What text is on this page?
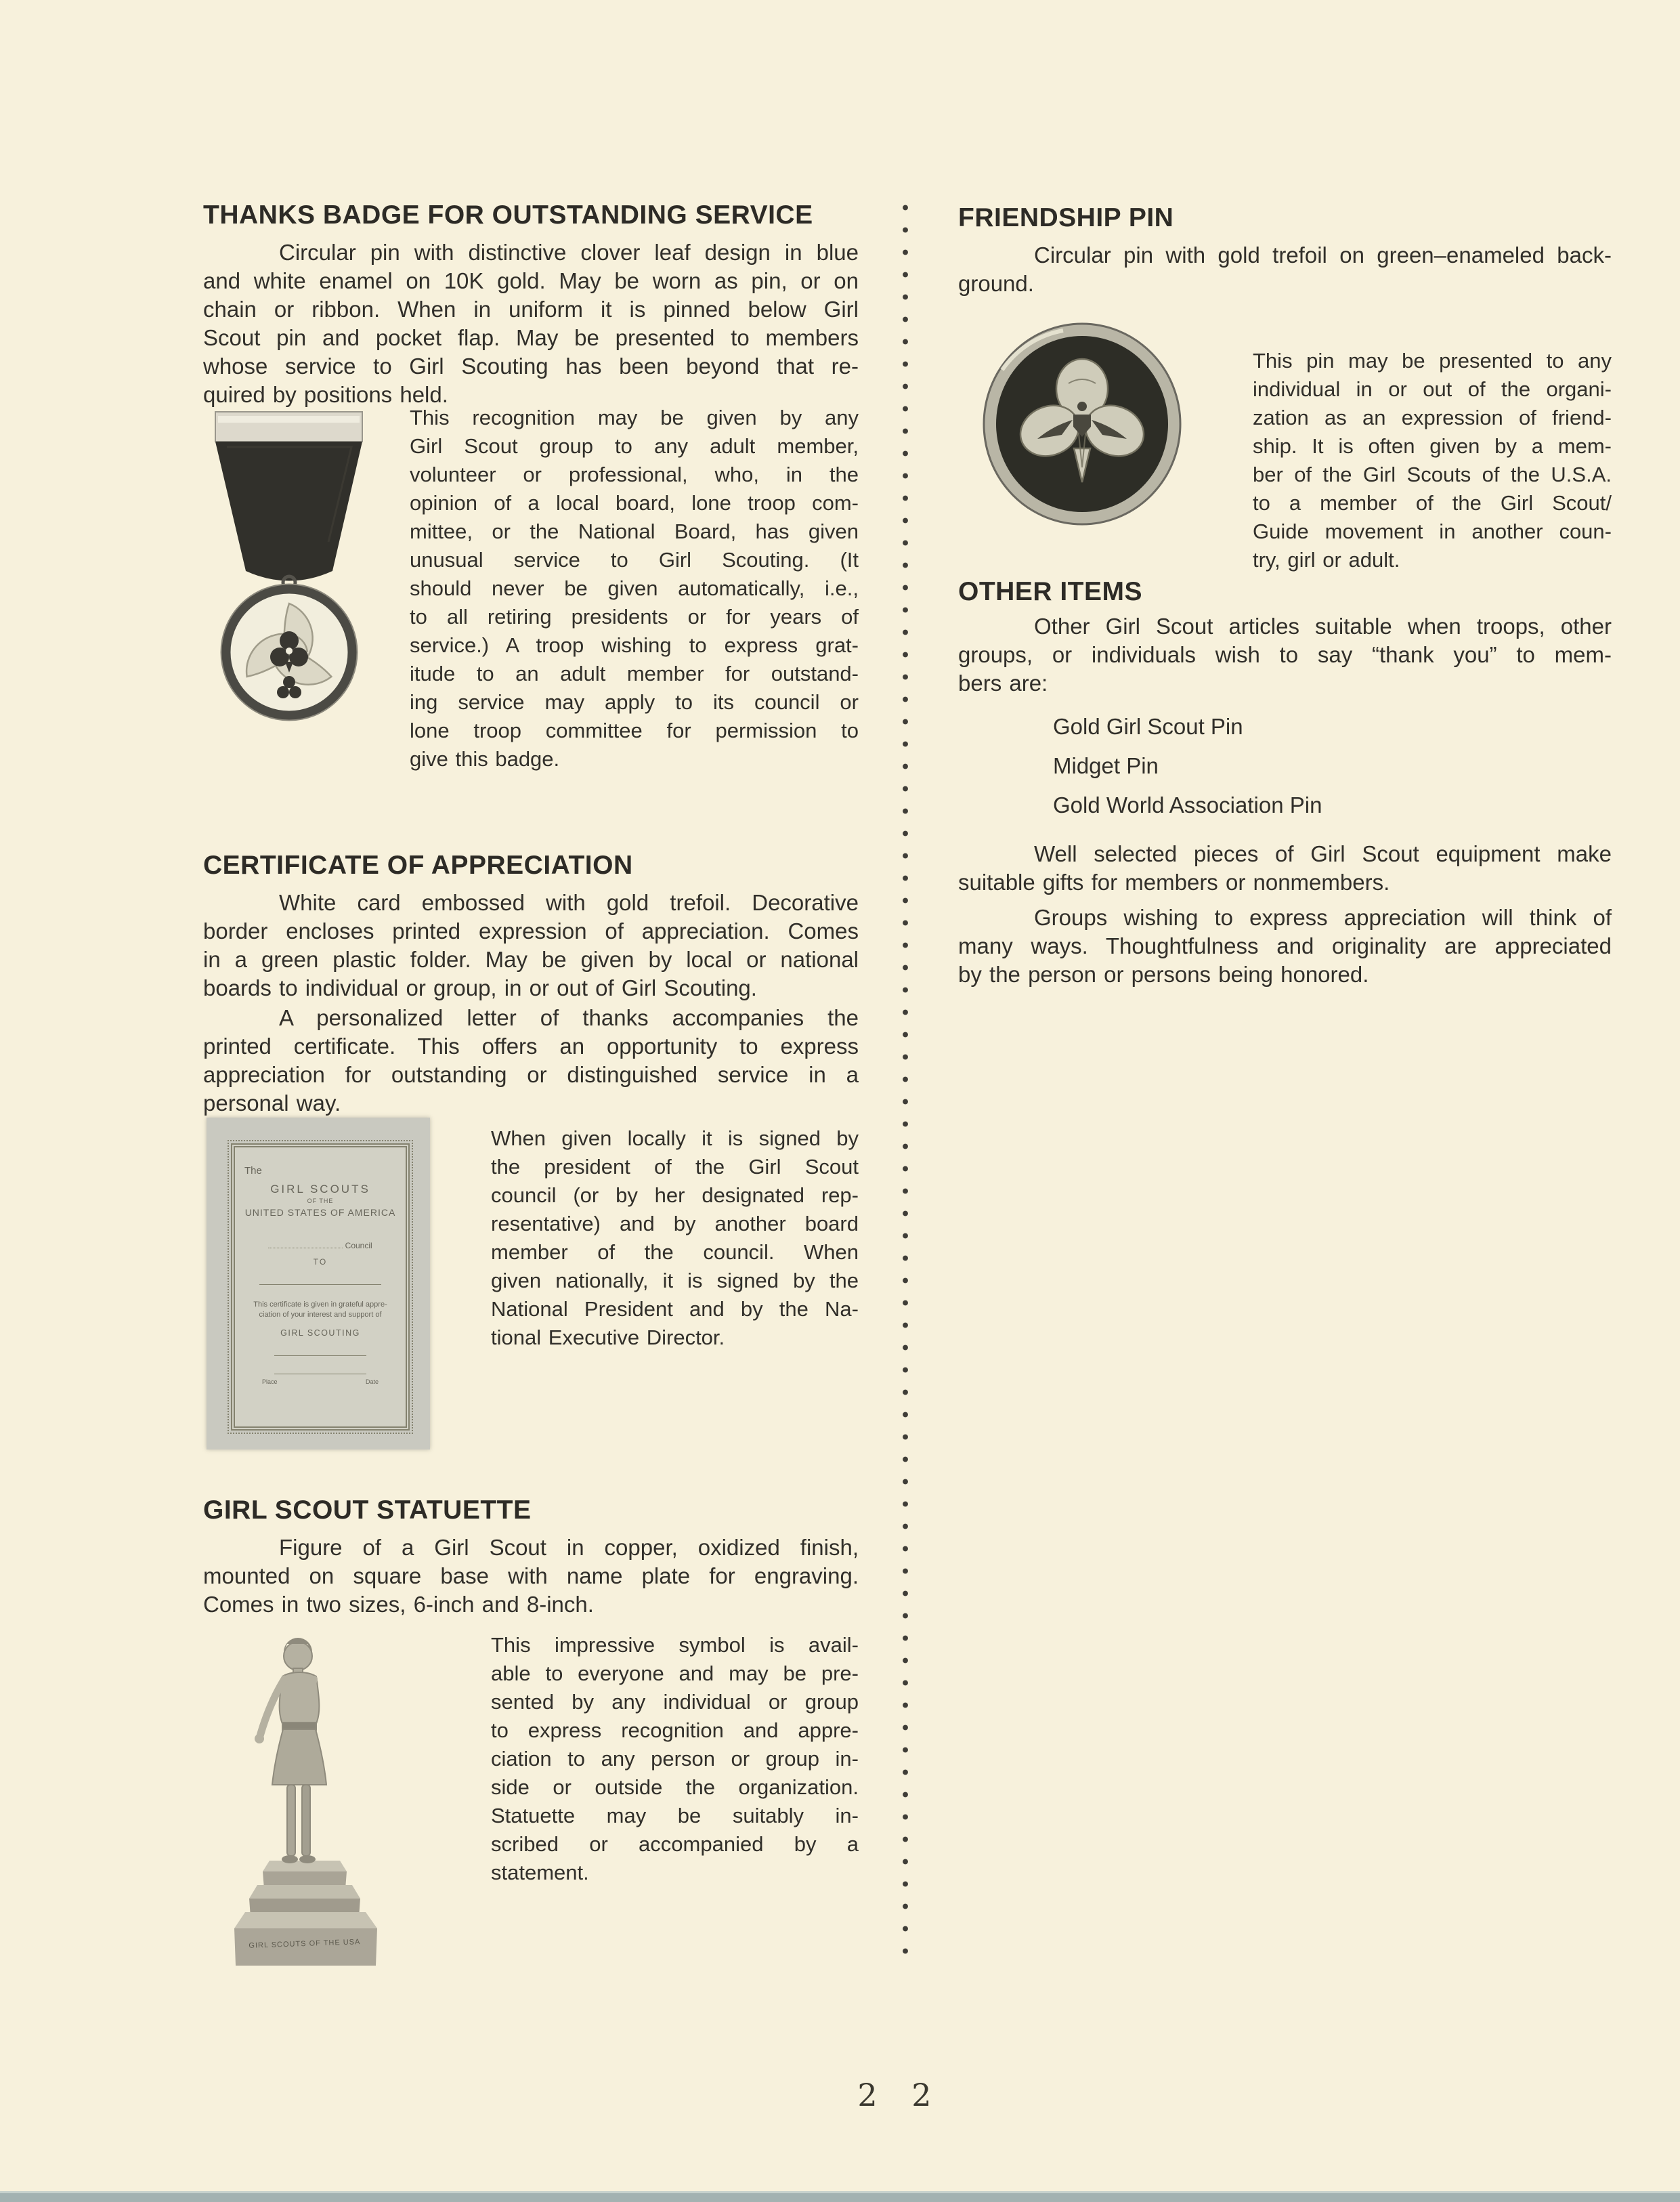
THANKS BADGE FOR OUTSTANDING SERVICE
Circular pin with distinctive clover leaf design in blue
and white enamel on 10K gold. May be worn as pin, or on
chain or ribbon. When in uniform it is pinned below Girl
Scout pin and pocket flap. May be presented to members
whose service to Girl Scouting has been beyond that re-
quired by positions held.
This recognition may be given by any
Girl Scout group to any adult member,
volunteer or professional, who, in the
opinion of a local board, lone troop com-
mittee, or the National Board, has given
unusual service to Girl Scouting. (It
should never be given automatically, i.e.,
to all retiring presidents or for years of
service.) A troop wishing to express grat-
itude to an adult member for outstand-
ing service may apply to its council or
lone troop committee for permission to
give this badge.
CERTIFICATE OF APPRECIATION
White card embossed with gold trefoil. Decorative
border encloses printed expression of appreciation. Comes
in a green plastic folder. May be given by local or national
boards to individual or group, in or out of Girl Scouting.
A personalized letter of thanks accompanies the
printed certificate. This offers an opportunity to express
appreciation for outstanding or distinguished service in a
personal way.
The
GIRL SCOUTS
OF THE
UNITED STATES OF AMERICA
Council
TO
This certificate is given in grateful appre-
ciation of your interest and support of
GIRL SCOUTING
Place	Date
When given locally it is signed by
the president of the Girl Scout
council (or by her designated rep-
resentative) and by another board
member of the council. When
given nationally, it is signed by the
National President and by the Na-
tional Executive Director.
GIRL SCOUT STATUETTE
Figure of a Girl Scout in copper, oxidized finish,
mounted on square base with name plate for engraving.
Comes in two sizes, 6-inch and 8-inch.
GIRL SCOUTS OF THE USA
This impressive symbol is avail-
able to everyone and may be pre-
sented by any individual or group
to express recognition and appre-
ciation to any person or group in-
side or outside the organization.
Statuette may be suitably in-
scribed or accompanied by a
statement.
FRIENDSHIP PIN
Circular pin with gold trefoil on green–enameled back-
ground.
This pin may be presented to any
individual in or out of the organi-
zation as an expression of friend-
ship. It is often given by a mem-
ber of the Girl Scouts of the U.S.A.
to a member of the Girl Scout/
Guide movement in another coun-
try, girl or adult.
OTHER ITEMS
Other Girl Scout articles suitable when troops, other
groups, or individuals wish to say “thank you” to mem-
bers are:
Gold Girl Scout Pin
Midget Pin
Gold World Association Pin
Well selected pieces of Girl Scout equipment make
suitable gifts for members or nonmembers.
Groups wishing to express appreciation will think of
many ways. Thoughtfulness and originality are appreciated
by the person or persons being honored.
2 2
